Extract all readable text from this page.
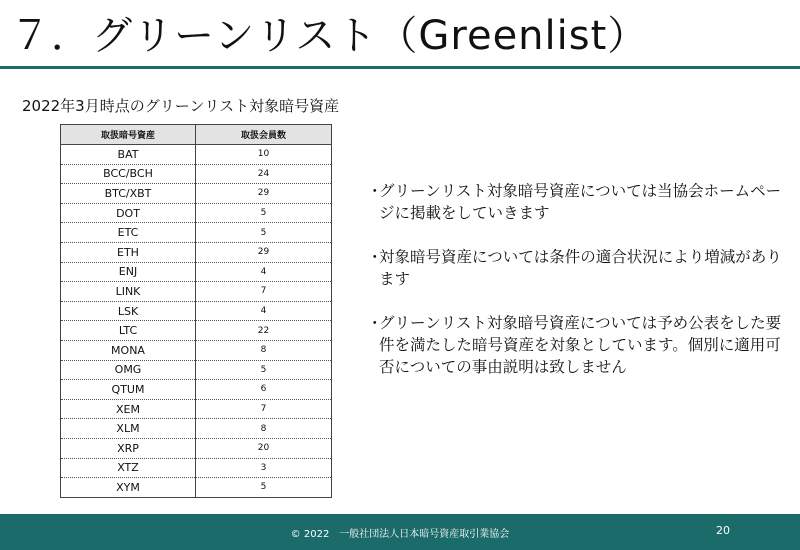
７．グリーンリスト（Greenlist）
2022年3月時点のグリーンリスト対象暗号資産
取扱暗号資産	取扱会員数
BAT	10
BCC/BCH	24
BTC/XBT	29
DOT	5
ETC	5
ETH	29
ENJ	4
LINK	7
LSK	4
LTC	22
MONA	8
OMG	5
QTUM	6
XEM	7
XLM	8
XRP	20
XTZ	3
XYM	5
・
グリーンリスト対象暗号資産については当協会ホームページに掲載をしていきます
・
対象暗号資産については条件の適合状況により増減があります
・
グリーンリスト対象暗号資産については予め公表をした要件を満たした暗号資産を対象としています。個別に適用可否についての事由説明は致しません
© 2022　一般社団法人日本暗号資産取引業協会	20
